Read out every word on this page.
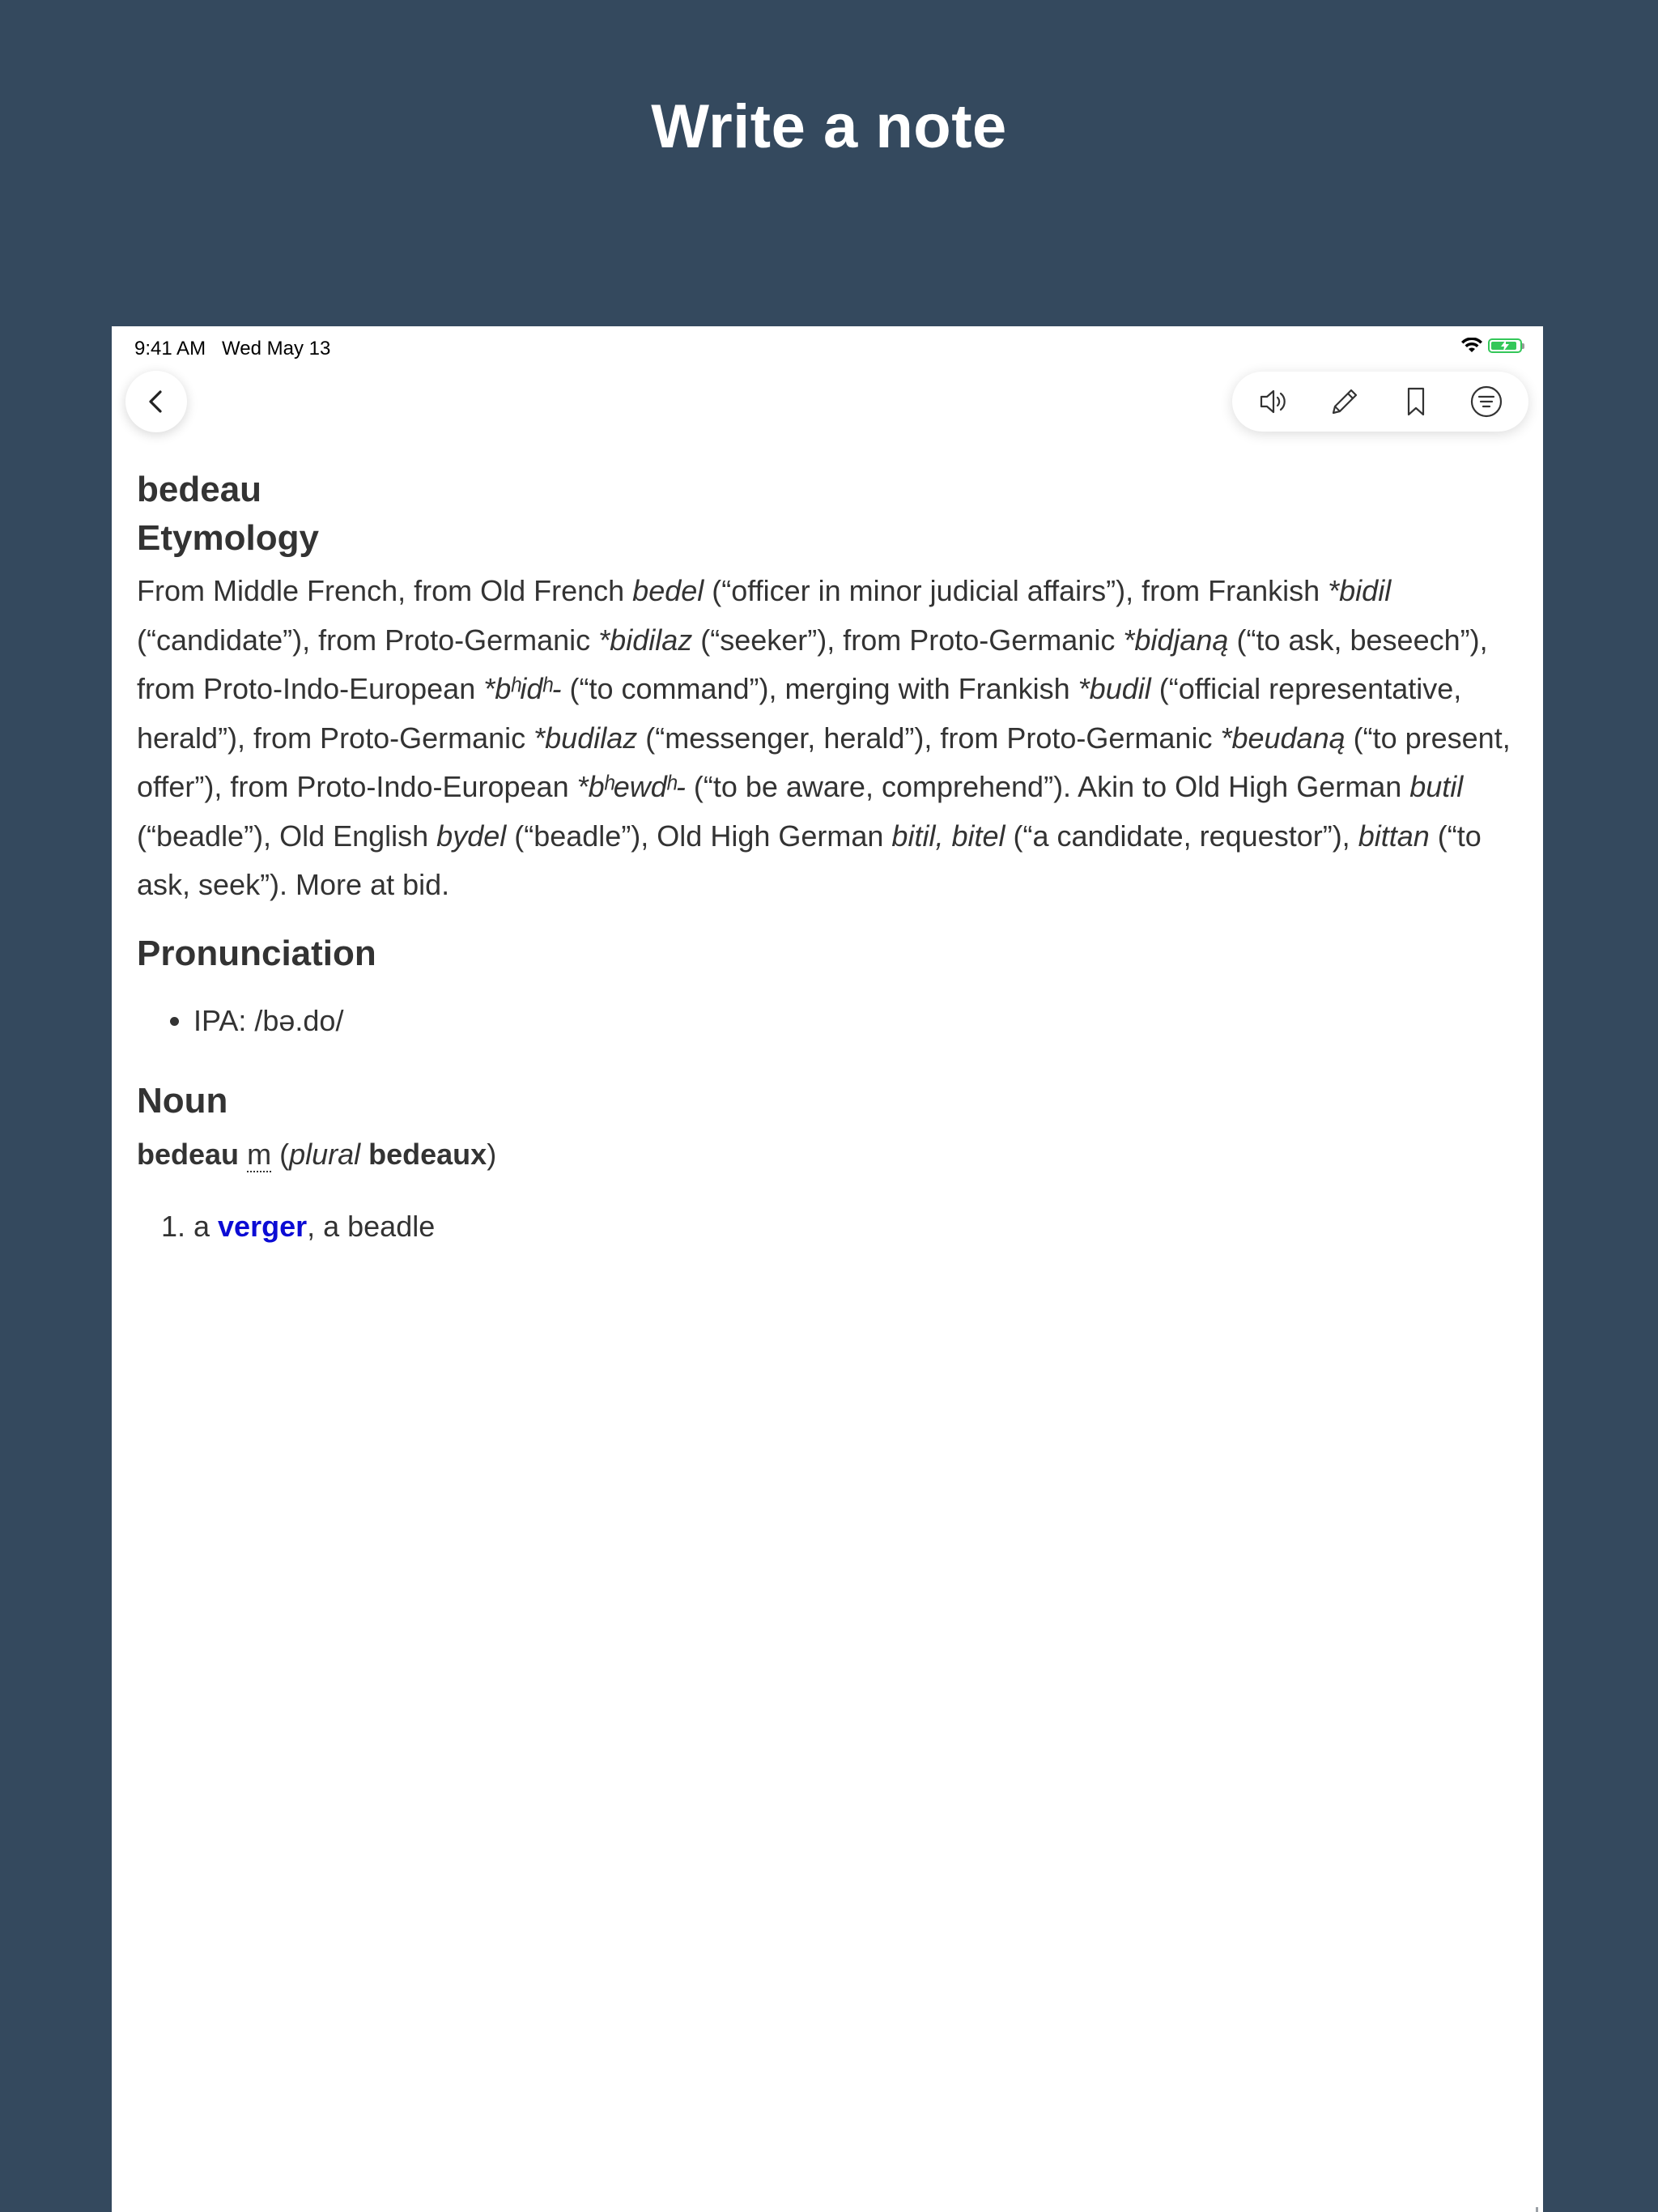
Write a note
9:41 AM   Wed May 13
bedeau
Etymology

From Middle French, from Old French bedel (“officer in minor judicial affairs”), from Frankish *bidil (“candidate”), from Proto-Germanic *bidilaz (“seeker”), from Proto-Germanic *bidjaną (“to ask, beseech”), from Proto-Indo-European *bʰidʰ- (“to command”), merging with Frankish *budil (“official representative, herald”), from Proto-Germanic *budilaz (“messenger, herald”), from Proto-Germanic *beudaną (“to present, offer”), from Proto-Indo-European *bʰewdʰ- (“to be aware, comprehend”). Akin to Old High German butil (“beadle”), Old English bydel (“beadle”), Old High German bitil, bitel (“a candidate, requestor”), bittan (“to ask, seek”). More at bid.

Pronunciation
• IPA: /bə.do/
Noun

bedeau m (plural bedeaux)

1. a verger, a beadle
